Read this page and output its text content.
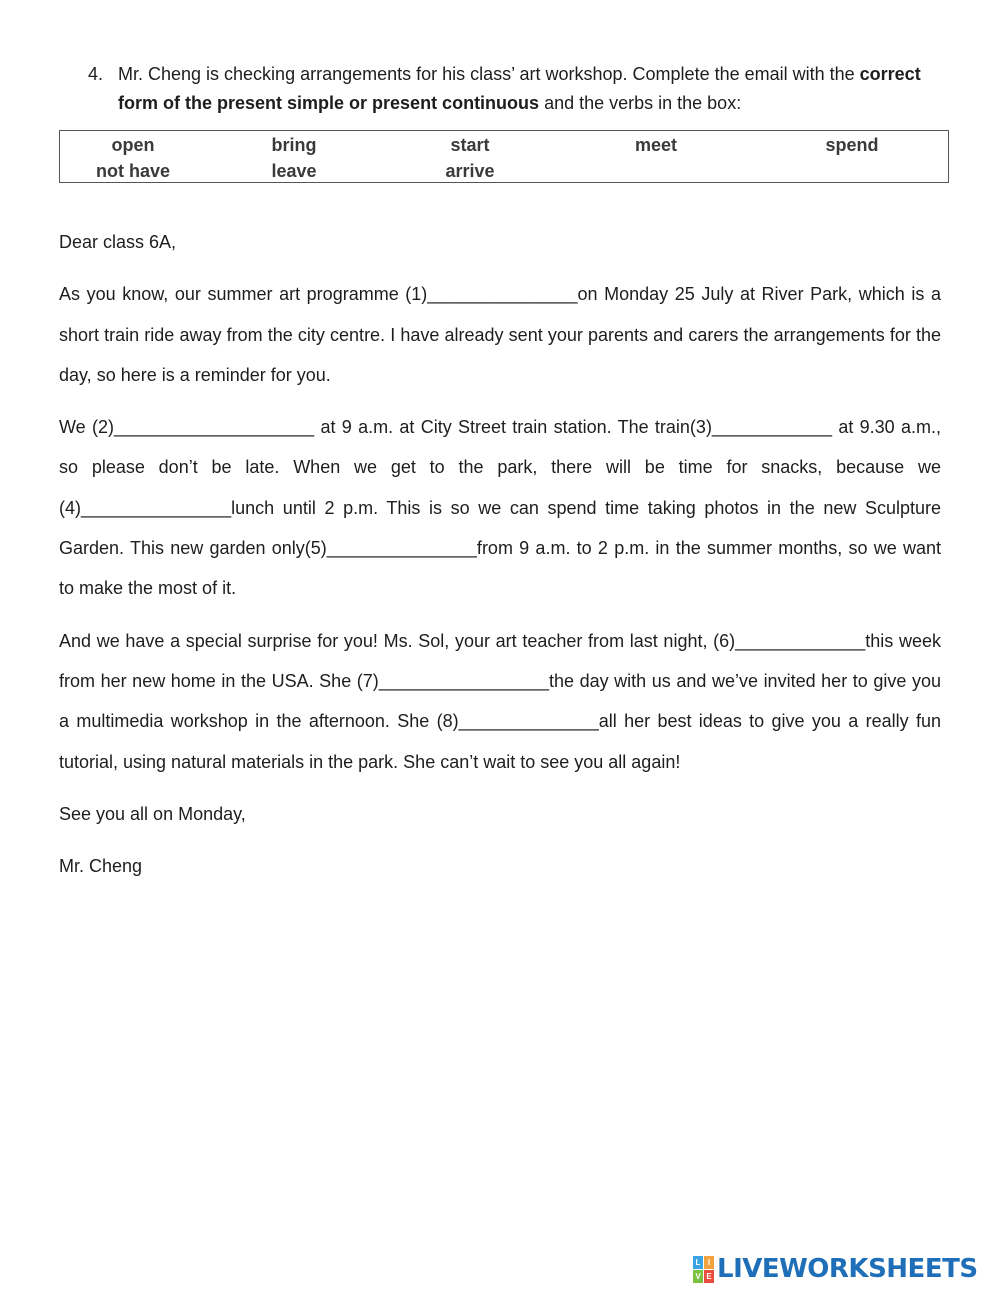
4. Mr. Cheng is checking arrangements for his class’ art workshop. Complete the email with the correct form of the present simple or present continuous and the verbs in the box:
open	bring	start	meet	spend
not have	leave	arrive

Dear class 6A,

As you know, our summer art programme (1)_______________on Monday 25 July at River Park, which is a short train ride away from the city centre. I have already sent your parents and carers the arrangements for the day, so here is a reminder for you.

We (2)____________________ at 9 a.m. at City Street train station. The train(3)____________ at 9.30 a.m., so please don’t be late. When we get to the park, there will be time for snacks, because we (4)_______________lunch until 2 p.m. This is so we can spend time taking photos in the new Sculpture Garden. This new garden only(5)_______________from 9 a.m. to 2 p.m. in the summer months, so we want to make the most of it.

And we have a special surprise for you! Ms. Sol, your art teacher from last night, (6)_____________this week from her new home in the USA. She (7)_________________the day with us and we’ve invited her to give you a multimedia workshop in the afternoon. She (8)______________all her best ideas to give you a really fun tutorial, using natural materials in the park. She can’t wait to see you all again!

See you all on Monday,

Mr. Cheng

L I
V E LIVEWORKSHEETS
